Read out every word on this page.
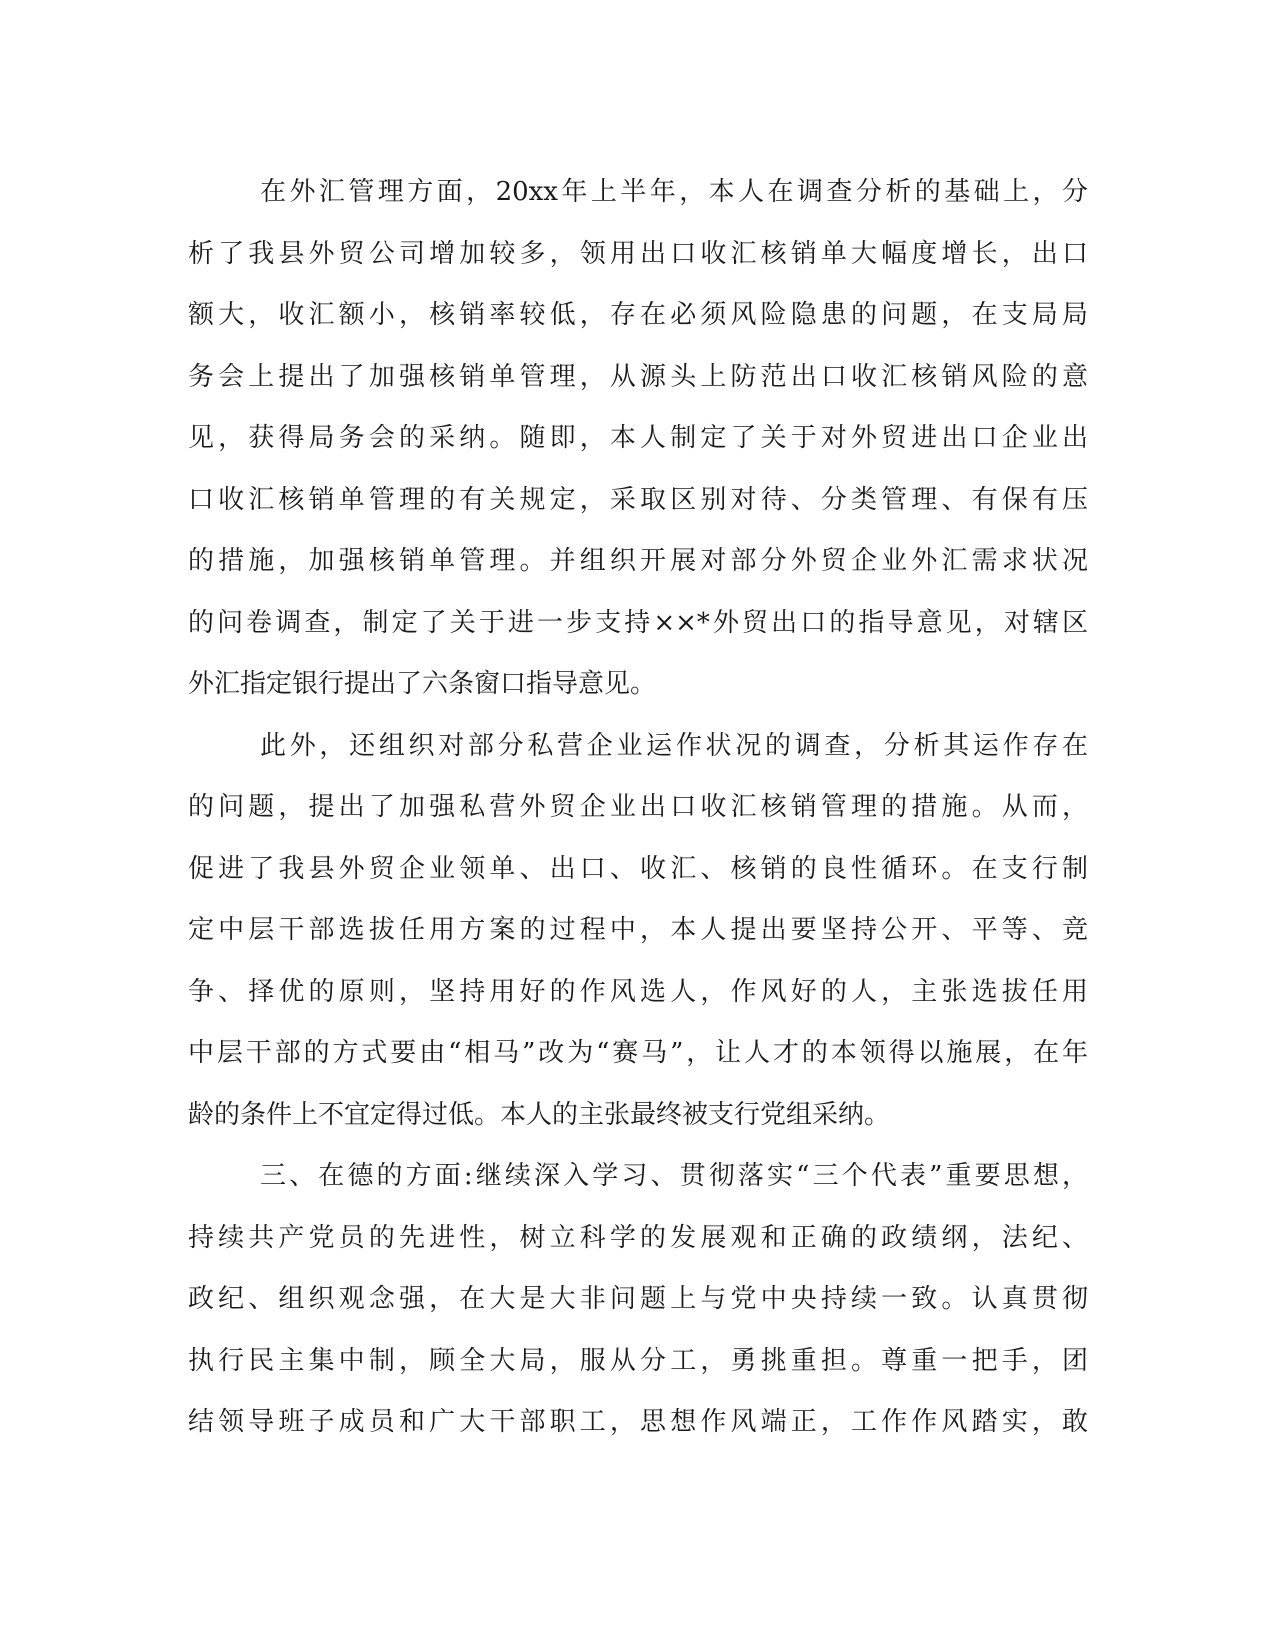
在外汇管理方面，20xx年上半年，本人在调查分析的基础上，分
析了我县外贸公司增加较多，领用出口收汇核销单大幅度增长，出口
额大，收汇额小，核销率较低，存在必须风险隐患的问题，在支局局
务会上提出了加强核销单管理，从源头上防范出口收汇核销风险的意
见，获得局务会的采纳。随即，本人制定了关于对外贸进出口企业出
口收汇核销单管理的有关规定，采取区别对待、分类管理、有保有压
的措施，加强核销单管理。并组织开展对部分外贸企业外汇需求状况
的问卷调查，制定了关于进一步支持××*外贸出口的指导意见，对辖区
外汇指定银行提出了六条窗口指导意见。
此外，还组织对部分私营企业运作状况的调查，分析其运作存在
的问题，提出了加强私营外贸企业出口收汇核销管理的措施。从而，
促进了我县外贸企业领单、出口、收汇、核销的良性循环。在支行制
定中层干部选拔任用方案的过程中，本人提出要坚持公开、平等、竞
争、择优的原则，坚持用好的作风选人，作风好的人，主张选拔任用
中层干部的方式要由“相马”改为“赛马”，让人才的本领得以施展，在年
龄的条件上不宜定得过低。本人的主张最终被支行党组采纳。
三、在德的方面:继续深入学习、贯彻落实“三个代表”重要思想，
持续共产党员的先进性，树立科学的发展观和正确的政绩纲，法纪、
政纪、组织观念强，在大是大非问题上与党中央持续一致。认真贯彻
执行民主集中制，顾全大局，服从分工，勇挑重担。尊重一把手，团
结领导班子成员和广大干部职工，思想作风端正，工作作风踏实，敢
